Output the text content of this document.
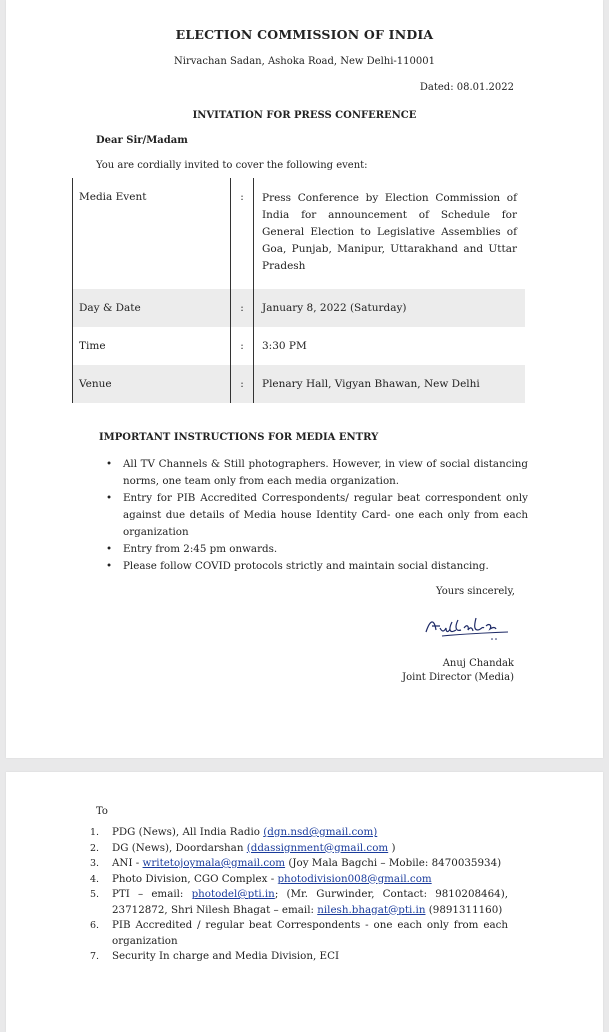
ELECTION COMMISSION OF INDIA
Nirvachan Sadan, Ashoka Road, New Delhi-110001
Dated: 08.01.2022
INVITATION FOR PRESS CONFERENCE
Dear Sir/Madam
You are cordially invited to cover the following event:
Media Event	:	Press Conference by Election Commission of India for announcement of Schedule for General Election to Legislative Assemblies of Goa, Punjab, Manipur, Uttarakhand and Uttar Pradesh
Day & Date	:	January 8, 2022 (Saturday)
Time	:	3:30 PM
Venue	:	Plenary Hall, Vigyan Bhawan, New Delhi
IMPORTANT INSTRUCTIONS FOR MEDIA ENTRY
• All TV Channels & Still photographers. However, in view of social distancing norms, one team only from each media organization.
• Entry for PIB Accredited Correspondents/ regular beat correspondent only against due details of Media house Identity Card- one each only from each organization
• Entry from 2:45 pm onwards.
• Please follow COVID protocols strictly and maintain social distancing.
Yours sincerely,
Anuj Chandak
Joint Director (Media)
To
1. PDG (News), All India Radio (dgn.nsd@gmail.com)
2. DG (News), Doordarshan (ddassignment@gmail.com )
3. ANI - writetojoymala@gmail.com (Joy Mala Bagchi – Mobile: 8470035934)
4. Photo Division, CGO Complex - photodivision008@gmail.com
5. PTI – email: photodel@pti.in; (Mr. Gurwinder, Contact: 9810208464), 23712872, Shri Nilesh Bhagat – email: nilesh.bhagat@pti.in (9891311160)
6. PIB Accredited / regular beat Correspondents - one each only from each organization
7. Security In charge and Media Division, ECI
